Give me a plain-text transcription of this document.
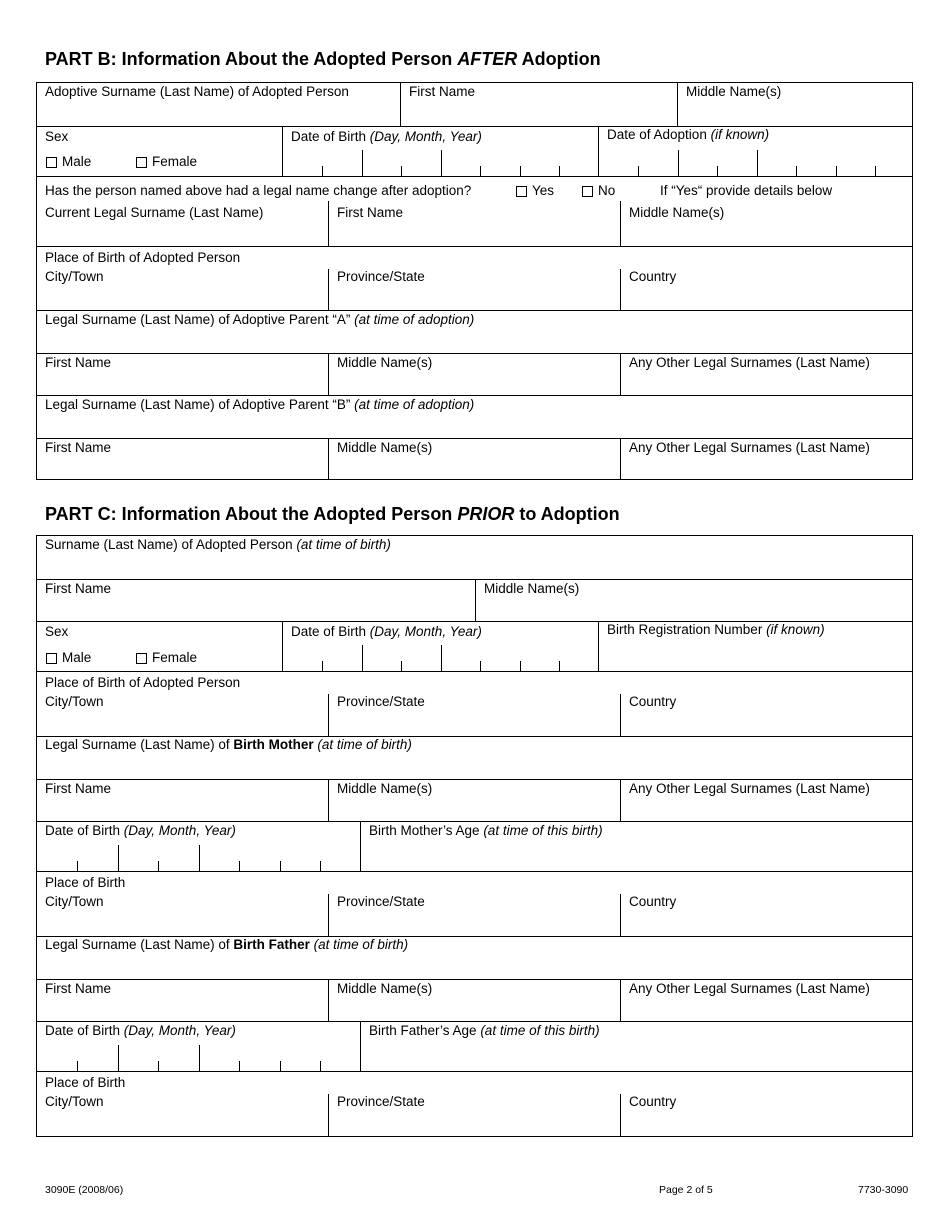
PART B: Information About the Adopted Person AFTER Adoption
Adoptive Surname (Last Name) of Adopted Person	First Name	Middle Name(s)
Sex
Male	Female
Date of Birth (Day, Month, Year)	Date of Adoption (if known)
Has the person named above had a legal name change after adoption?	Yes	No	If “Yes“ provide details below
Current Legal Surname (Last Name)	First Name	Middle Name(s)
Place of Birth of Adopted Person
City/Town	Province/State	Country
Legal Surname (Last Name) of Adoptive Parent “A” (at time of adoption)
First Name	Middle Name(s)	Any Other Legal Surnames (Last Name)
Legal Surname (Last Name) of Adoptive Parent “B” (at time of adoption)
First Name	Middle Name(s)	Any Other Legal Surnames (Last Name)
PART C: Information About the Adopted Person PRIOR to Adoption
Surname (Last Name) of Adopted Person (at time of birth)
First Name	Middle Name(s)
Sex
Male	Female
Date of Birth (Day, Month, Year)	Birth Registration Number (if known)
Place of Birth of Adopted Person
City/Town	Province/State	Country
Legal Surname (Last Name) of Birth Mother (at time of birth)
First Name	Middle Name(s)	Any Other Legal Surnames (Last Name)
Date of Birth (Day, Month, Year)	Birth Mother’s Age (at time of this birth)
Place of Birth
City/Town	Province/State	Country
Legal Surname (Last Name) of Birth Father (at time of birth)
First Name	Middle Name(s)	Any Other Legal Surnames (Last Name)
Date of Birth (Day, Month, Year)	Birth Father’s Age (at time of this birth)
Place of Birth
City/Town	Province/State	Country
3090E (2008/06)	Page 2 of 5	7730-3090
